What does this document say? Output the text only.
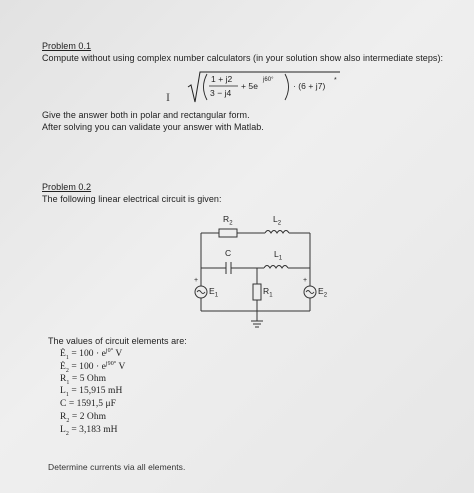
Problem 0.1
Compute without using complex number calculators (in your solution show also intermediate steps):
1 + j2
3 − j4
+ 5e
j60°
· (6 + j7)
*
I
Give the answer both in polar and rectangular form.
After solving you can validate your answer with Matlab.
Problem 0.2
The following linear electrical circuit is given:
$R_2$	$L_2$
C	$L_1$
$R_1$
$E_1$	$E_2$
+	+
The values of circuit elements are:
$Ė_1 = 100 \cdot e^{j0^\circ}$ V
$Ė_2 = 100 \cdot e^{j90^\circ}$ V
$R_1 = 5$ Ohm
$L_1 = 15,915$ mH
C = 1591,5 μF
$R_2 = 2$ Ohm
$L_2 = 3,183$ mH
Determine currents via all elements.
